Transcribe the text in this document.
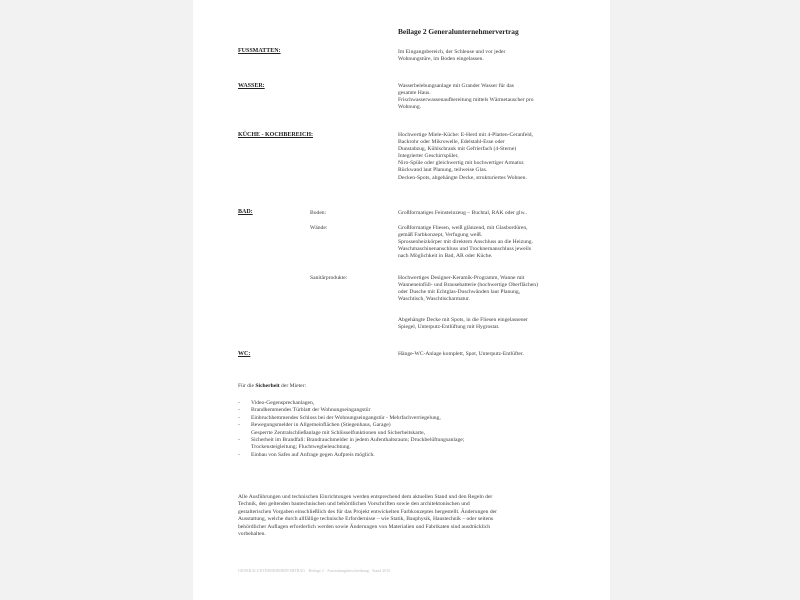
Beilage 2 Generalunternehmervertrag
FUSSMATTEN:	Im Eingangsbereich, der Schleuse und vor jeder
Wohnungstüre, im Boden eingelassen.
WASSER:	Wasserbelebungsanlage mit Grander Wasser für das
gesamte Haus.
Frischwasserwassenaufbereitung mittels Wärmetauscher pro
Wohnung.
KÜCHE - KOCHBEREICH:	Hochwertige Miele-Küche: E-Herd mit 4-Platten-Ceranfeld,
Backrohr oder Mikrowelle, Edelstahl-Esse oder
Dunstabzug, Kühlschrank mit Gefrierfach (4-Sterne)
Integrierter Geschirrspüler,
Niro-Spüle oder gleichwertig mit hochwertiger Armatur.
Rückwand laut Planung, teilweise Glas.
Decken-Spots, abgehängte Decke, strukturiertes Wohnen.
BAD:	Boden:	Großformatiges Feinsteinzeug – Buchtal, RAK oder glw..
Wände:	Großformatige Fliesen, weiß glänzend, mit Glasbordüren,
gemäß Farbkonzept, Verfugung weiß.
Sprossenheizkörper mit direktem Anschluss an die Heizung.
Waschmaschinenanschluss und Trocknernanschluss jeweils
nach Möglichkeit in Bad, AR oder Küche.
Sanitärprodukte:	Hochwertiges Designer-Keramik-Programm, Wanne mit
Wanneneinfüll- und Brausebatterie (hochwertige Oberflächen)
oder Dusche mit Echtglas-Duschwänden laut Planung,
Waschtisch, Waschtischarmatur.
Abgehängte Decke mit Spots, in die Fliesen eingelassener
Spiegel, Unterputz-Entlüftung mit Hygrostat.
WC:	Hänge-WC-Anlage komplett, Spot, Unterputz-Entlüfter.
Für die Sicherheit der Mieter:
- Video-Gegensprechanlagen,
- Brandhemmendes Türblatt der Wohnungseingangstür
- Einbruchhemmendes Schloss bei der Wohnungseingangstür - Mehrfachverriegelung,
- Bewegungsmelder in Allgemeinflächen (Stiegenhaus, Garage)
Gesperrte Zentralschließanlage mit Schlüsselfunktionen und Sicherheitskarte,
- Sicherheit im Brandfall: Brandrauchmelder in jedem Aufenthaltsraum; Druckbelüftungsanlage;
Trockensteigleitung; Fluchtwegbeleuchtung.
- Einbau von Safes auf Anfrage gegen Aufpreis möglich.
Alle Ausführungen und technischen Einrichtungen werden entsprechend dem aktuellen Stand und den Regeln der
Technik, den geltenden bautechnischen und behördlichen Vorschriften sowie den architektonischen und
gestalterischen Vorgaben einschließlich des für das Projekt entwickelten Farbkonzeptes hergestellt. Änderungen der
Ausstattung, welche durch allfällige technische Erfordernisse – wie Statik, Bauphysik, Haustechnik – oder seitens
behördlicher Auflagen erforderlich werden sowie Änderungen von Materialien und Fabrikaten sind ausdrücklich
vorbehalten.
GENERALUNTERNEHMERVERTRAG · Beilage 2 · Ausstattungsbeschreibung · Stand 2010
